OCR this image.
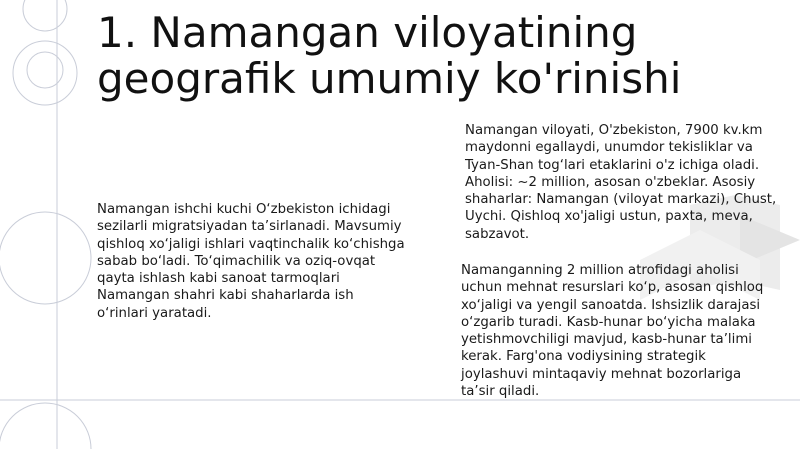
1. Namangan viloyatining geografik umumiy ko'rinishi

Namangan ishchi kuchi O‘zbekiston ichidagi
sezilarli migratsiyadan ta’sirlanadi. Mavsumiy
qishloq xo‘jaligi ishlari vaqtinchalik ko‘chishga
sabab bo‘ladi. To‘qimachilik va oziq-ovqat
qayta ishlash kabi sanoat tarmoqlari
Namangan shahri kabi shaharlarda ish
o‘rinlari yaratadi.

Namangan viloyati, O'zbekiston, 7900 kv.km
maydonni egallaydi, unumdor tekisliklar va
Tyan-Shan tog‘lari etaklarini o'z ichiga oladi.
Aholisi: ~2 million, asosan o'zbeklar. Asosiy
shaharlar: Namangan (viloyat markazi), Chust,
Uychi. Qishloq xo'jaligi ustun, paxta, meva,
sabzavot.

Namanganning 2 million atrofidagi aholisi
uchun mehnat resurslari ko‘p, asosan qishloq
xo‘jaligi va yengil sanoatda. Ishsizlik darajasi
o‘zgarib turadi. Kasb-hunar bo‘yicha malaka
yetishmovchiligi mavjud, kasb-hunar ta’limi
kerak. Farg'ona vodiysining strategik
joylashuvi mintaqaviy mehnat bozorlariga
ta’sir qiladi.
